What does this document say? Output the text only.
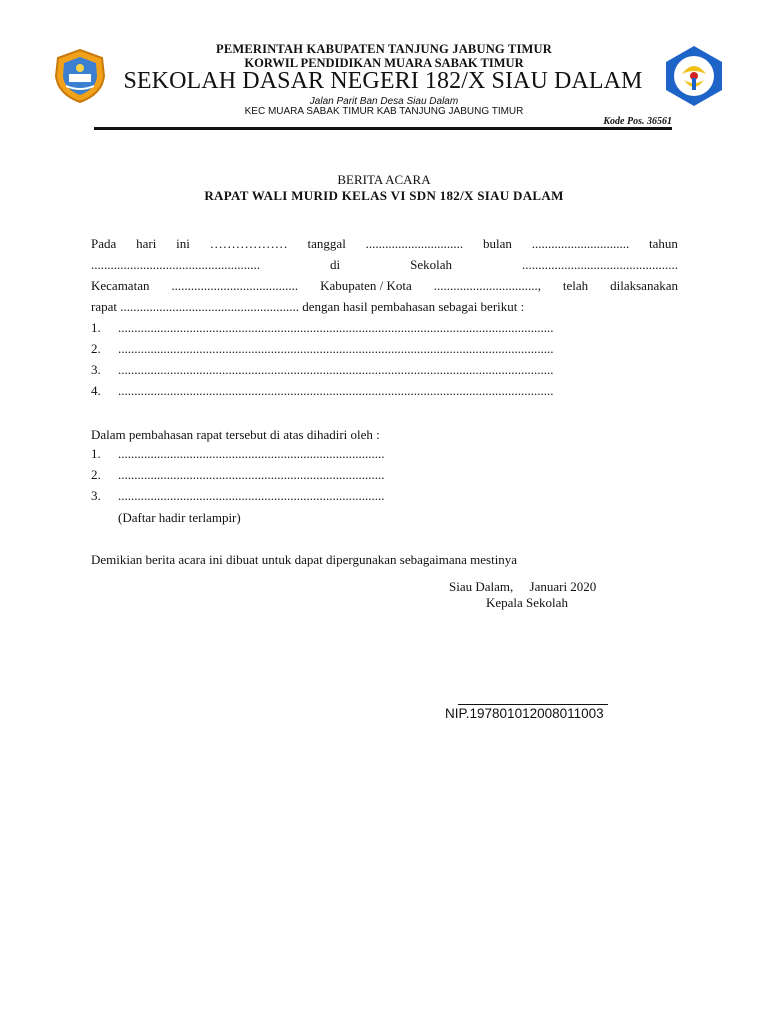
PEMERINTAH KABUPATEN TANJUNG JABUNG TIMUR
KORWIL PENDIDIKAN MUARA SABAK TIMUR
SEKOLAH DASAR NEGERI 182/X SIAU DALAM
Jalan Parit Ban Desa Siau Dalam
KEC MUARA SABAK TIMUR KAB TANJUNG JABUNG TIMUR
Kode Pos. 36561
BERITA ACARA
RAPAT WALI MURID KELAS VI SDN 182/X SIAU DALAM
Pada hari ini ……………… tanggal .............................. bulan .............................. tahun
....................................................	di	Sekolah	................................................
Kecamatan ....................................... Kabupaten / Kota ................................, telah dilaksanakan
rapat ....................................................... dengan hasil pembahasan sebagai berikut :
1. ......................................................................................................................................
2. ......................................................................................................................................
3. ......................................................................................................................................
4. ......................................................................................................................................
Dalam pembahasan rapat tersebut di atas dihadiri oleh :
1. ..................................................................................
2. ..................................................................................
3. ..................................................................................
(Daftar hadir terlampir)
Demikian berita acara ini dibuat untuk dapat dipergunakan sebagaimana mestinya
Siau Dalam,     Januari 2020
Kepala Sekolah
NIP.197801012008011003
